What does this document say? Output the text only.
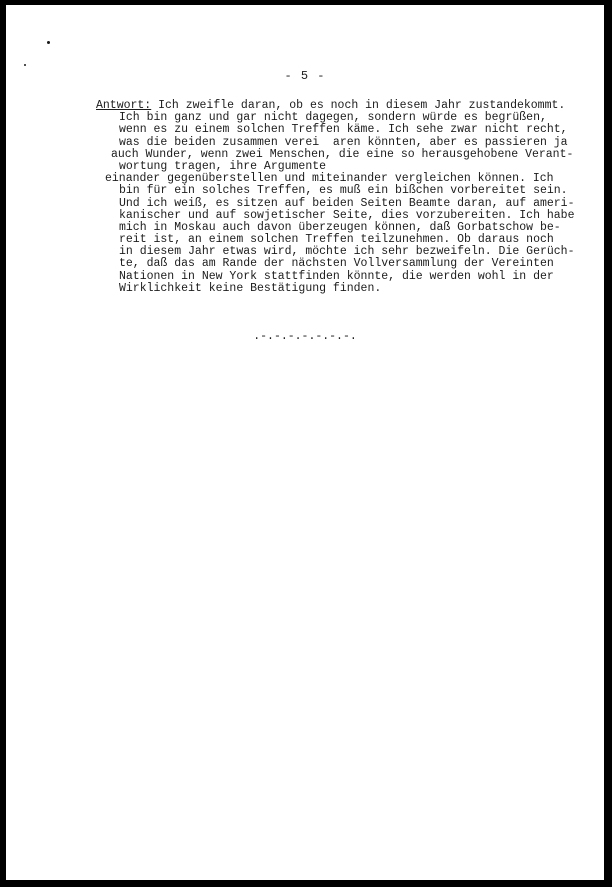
- 5 -
Antwort: Ich zweifle daran, ob es noch in diesem Jahr zustandekommt.
Ich bin ganz und gar nicht dagegen, sondern würde es begrüßen,
wenn es zu einem solchen Treffen käme. Ich sehe zwar nicht recht,
was die beiden zusammen verei  aren könnten, aber es passieren ja
auch Wunder, wenn zwei Menschen, die eine so herausgehobene Verant-
wortung tragen, ihre Argumente
einander gegenüberstellen und miteinander vergleichen können. Ich
bin für ein solches Treffen, es muß ein bißchen vorbereitet sein.
Und ich weiß, es sitzen auf beiden Seiten Beamte daran, auf ameri-
kanischer und auf sowjetischer Seite, dies vorzubereiten. Ich habe
mich in Moskau auch davon überzeugen können, daß Gorbatschow be-
reit ist, an einem solchen Treffen teilzunehmen. Ob daraus noch
in diesem Jahr etwas wird, möchte ich sehr bezweifeln. Die Gerüch-
te, daß das am Rande der nächsten Vollversammlung der Vereinten
Nationen in New York stattfinden könnte, die werden wohl in der
Wirklichkeit keine Bestätigung finden.
.-.-.-.-.-.-.-.
